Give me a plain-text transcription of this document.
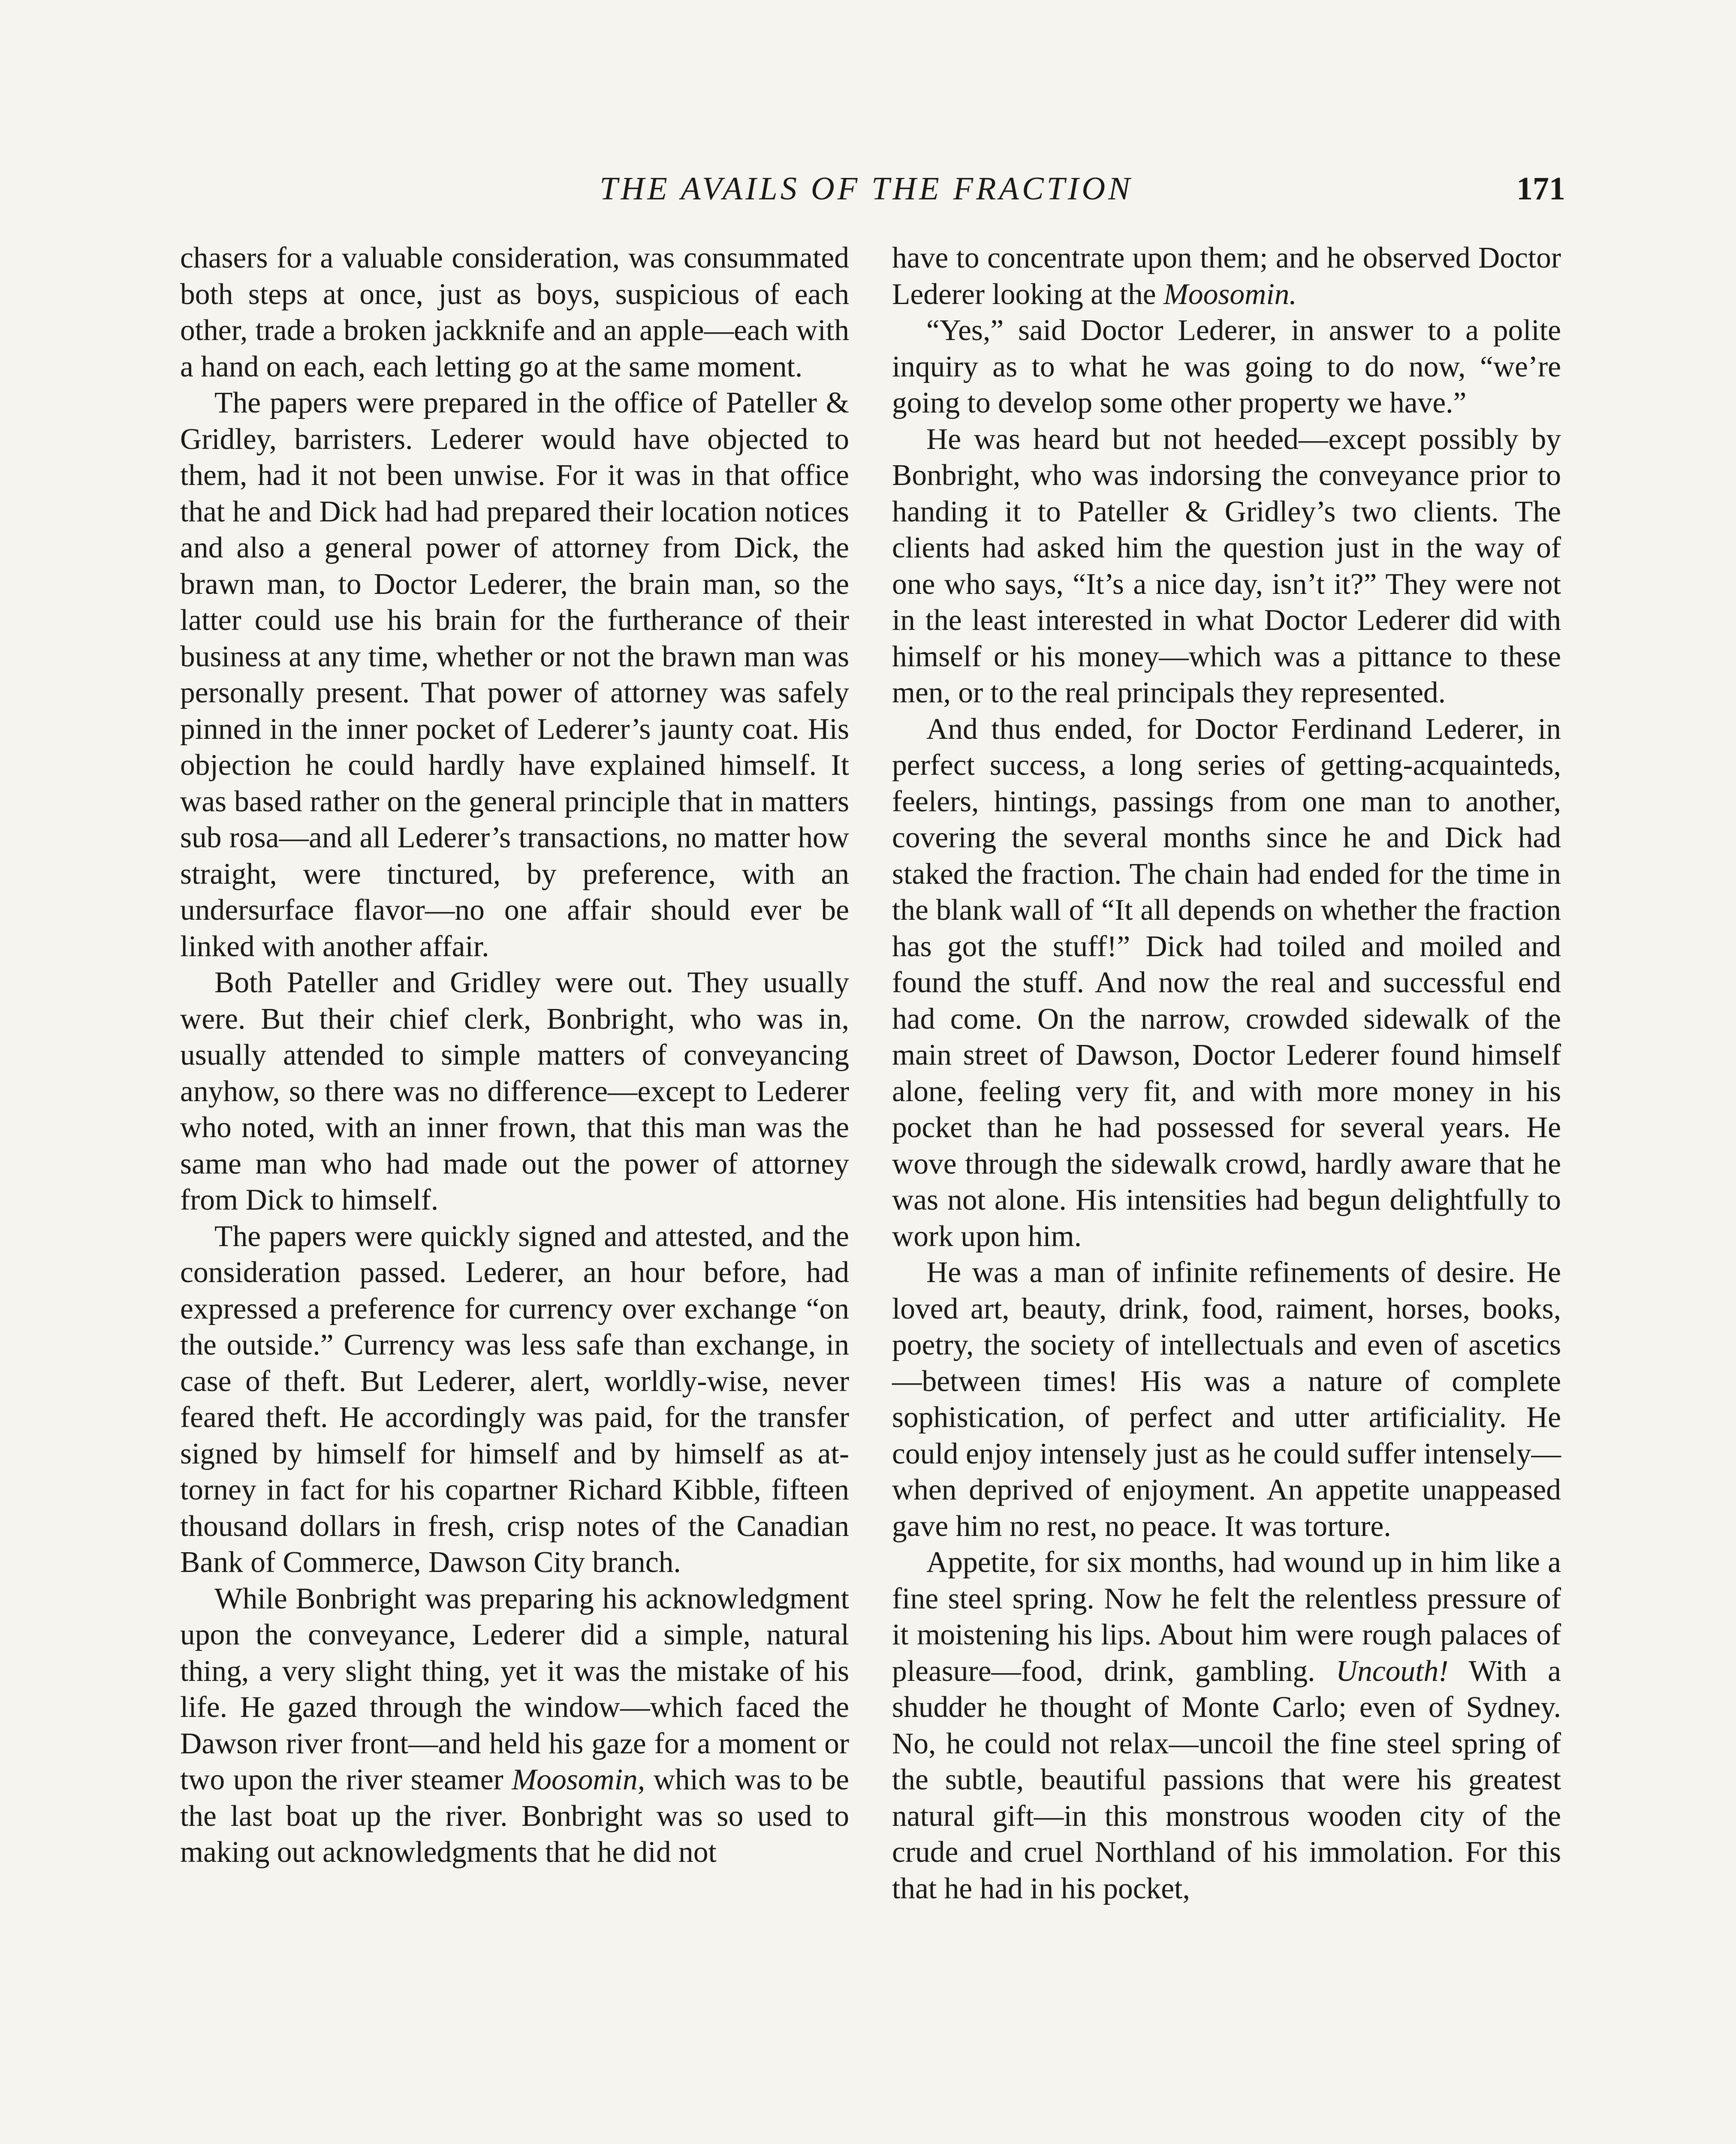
THE AVAILS OF THE FRACTION	171

chasers for a valuable consideration, was consummated both steps at once, just as boys, suspicious of each other, trade a broken jackknife and an apple—each with a hand on each, each letting go at the same moment.

The papers were prepared in the office of Pateller & Gridley, barristers. Lederer would have objected to them, had it not been unwise. For it was in that office that he and Dick had had prepared their location notices and also a general power of attorney from Dick, the brawn man, to Doctor Lederer, the brain man, so the latter could use his brain for the furtherance of their business at any time, whether or not the brawn man was personally present. That power of attorney was safely pinned in the inner pocket of Lederer’s jaunty coat. His objection he could hardly have explained himself. It was based rather on the general principle that in matters sub rosa—and all Lederer’s transactions, no matter how straight, were tinctured, by preference, with an undersurface flavor—no one affair should ever be linked with another affair.

Both Pateller and Gridley were out. They usually were. But their chief clerk, Bonbright, who was in, usually attended to simple matters of conveyancing anyhow, so there was no difference—except to Lederer who noted, with an inner frown, that this man was the same man who had made out the power of attorney from Dick to himself.

The papers were quickly signed and attested, and the consideration passed. Lederer, an hour before, had expressed a preference for currency over exchange “on the outside.” Currency was less safe than exchange, in case of theft. But Lederer, alert, worldly-wise, never feared theft. He accordingly was paid, for the transfer signed by himself for himself and by himself as attorney in fact for his copartner Richard Kibble, fifteen thousand dollars in fresh, crisp notes of the Canadian Bank of Commerce, Dawson City branch.

While Bonbright was preparing his acknowledgment upon the conveyance, Lederer did a simple, natural thing, a very slight thing, yet it was the mistake of his life. He gazed through the window—which faced the Dawson river front—and held his gaze for a moment or two upon the river steamer Moosomin, which was to be the last boat up the river. Bonbright was so used to making out acknowledgments that he did not

have to concentrate upon them; and he observed Doctor Lederer looking at the Moosomin.

“Yes,” said Doctor Lederer, in answer to a polite inquiry as to what he was going to do now, “we’re going to develop some other property we have.”

He was heard but not heeded—except possibly by Bonbright, who was indorsing the conveyance prior to handing it to Pateller & Gridley’s two clients. The clients had asked him the question just in the way of one who says, “It’s a nice day, isn’t it?” They were not in the least interested in what Doctor Lederer did with himself or his money—which was a pittance to these men, or to the real principals they represented.

And thus ended, for Doctor Ferdinand Lederer, in perfect success, a long series of getting-acquainteds, feelers, hintings, passings from one man to another, covering the several months since he and Dick had staked the fraction. The chain had ended for the time in the blank wall of “It all depends on whether the fraction has got the stuff!” Dick had toiled and moiled and found the stuff. And now the real and successful end had come. On the narrow, crowded sidewalk of the main street of Dawson, Doctor Lederer found himself alone, feeling very fit, and with more money in his pocket than he had possessed for several years. He wove through the sidewalk crowd, hardly aware that he was not alone. His intensities had begun delightfully to work upon him.

He was a man of infinite refinements of desire. He loved art, beauty, drink, food, raiment, horses, books, poetry, the society of intellectuals and even of ascetics—between times! His was a nature of complete sophistication, of perfect and utter artificiality. He could enjoy intensely just as he could suffer intensely—when deprived of enjoyment. An appetite unappeased gave him no rest, no peace. It was torture.

Appetite, for six months, had wound up in him like a fine steel spring. Now he felt the relentless pressure of it moistening his lips. About him were rough palaces of pleasure—food, drink, gambling. Uncouth! With a shudder he thought of Monte Carlo; even of Sydney. No, he could not relax—uncoil the fine steel spring of the subtle, beautiful passions that were his greatest natural gift—in this monstrous wooden city of the crude and cruel Northland of his immolation. For this that he had in his pocket,
